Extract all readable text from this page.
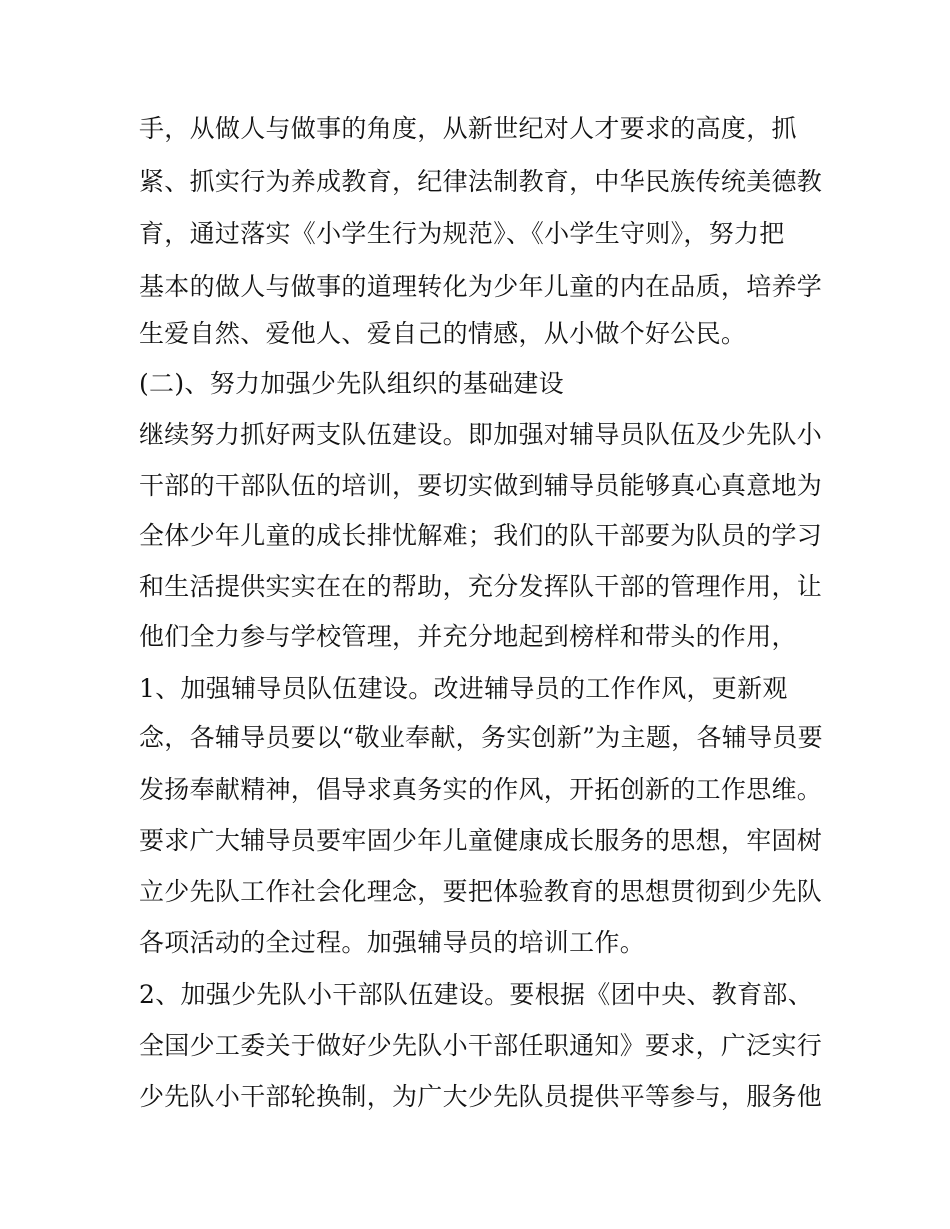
手，从做人与做事的角度，从新世纪对人才要求的高度，抓

紧、抓实行为养成教育，纪律法制教育，中华民族传统美德教

育，通过落实《小学生行为规范》、《小学生守则》，努力把

基本的做人与做事的道理转化为少年儿童的内在品质，培养学

生爱自然、爱他人、爱自己的情感，从小做个好公民。

(二)、努力加强少先队组织的基础建设

继续努力抓好两支队伍建设。即加强对辅导员队伍及少先队小

干部的干部队伍的培训，要切实做到辅导员能够真心真意地为

全体少年儿童的成长排忧解难；我们的队干部要为队员的学习

和生活提供实实在在的帮助，充分发挥队干部的管理作用，让

他们全力参与学校管理，并充分地起到榜样和带头的作用，

1、加强辅导员队伍建设。改进辅导员的工作作风，更新观

念，各辅导员要以“敬业奉献，务实创新”为主题，各辅导员要

发扬奉献精神，倡导求真务实的作风，开拓创新的工作思维。

要求广大辅导员要牢固少年儿童健康成长服务的思想，牢固树

立少先队工作社会化理念，要把体验教育的思想贯彻到少先队

各项活动的全过程。加强辅导员的培训工作。

2、加强少先队小干部队伍建设。要根据《团中央、教育部、

全国少工委关于做好少先队小干部任职通知》要求，广泛实行

少先队小干部轮换制，为广大少先队员提供平等参与，服务他
